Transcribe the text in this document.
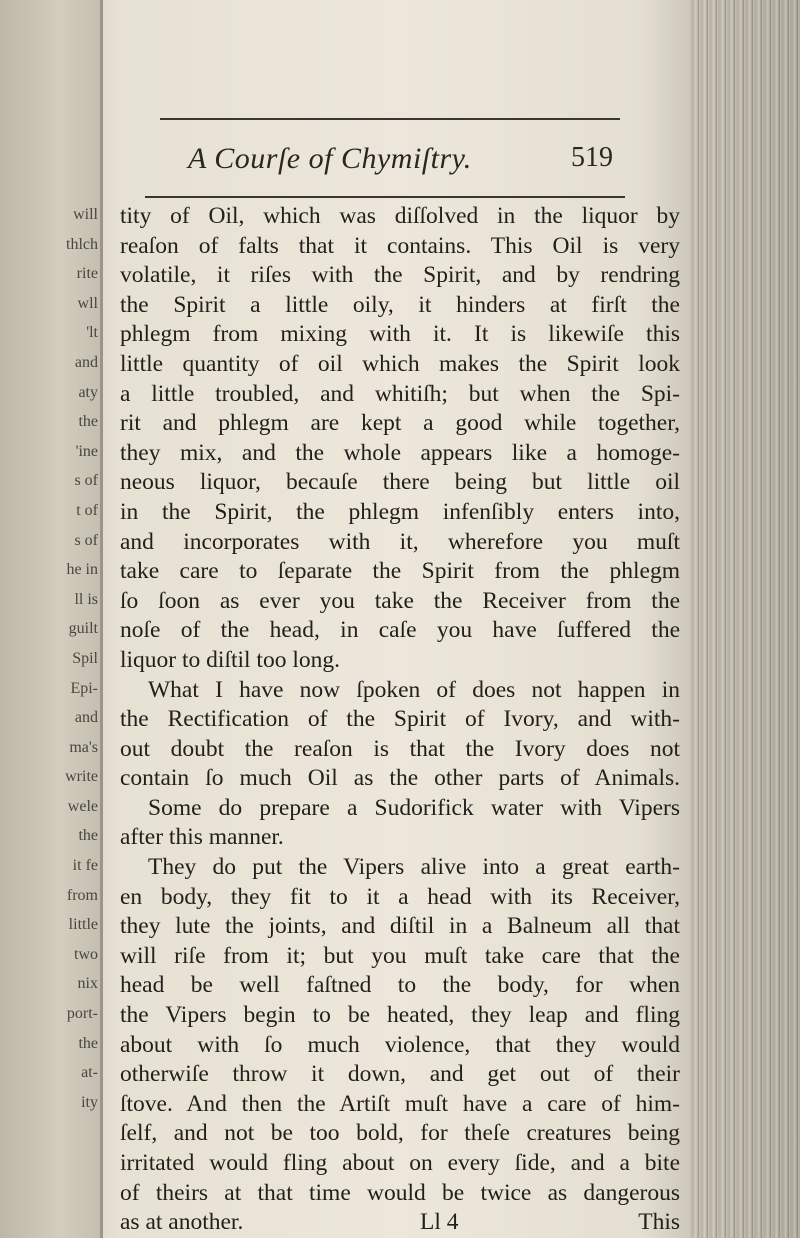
A Courſe of Chymiſtry.	519
will
thlch
rite
wll
'lt
and
aty
the
'ine
s of
t of
s of
he in
ll is
guilt
Spil
Epi-
and
ma's
write
wele
the
it fe
from
little
two
nix
port-
the
at-
ity
tity of Oil, which was diſſolved in the liquor by
reaſon of falts that it contains. This Oil is very
volatile, it riſes with the Spirit, and by rendring
the Spirit a little oily, it hinders at firſt the
phlegm from mixing with it. It is likewiſe this
little quantity of oil which makes the Spirit look
a little troubled, and whitiſh; but when the Spi-
rit and phlegm are kept a good while together,
they mix, and the whole appears like a homoge-
neous liquor, becauſe there being but little oil
in the Spirit, the phlegm infenſibly enters into,
and incorporates with it, wherefore you muſt
take care to ſeparate the Spirit from the phlegm
ſo ſoon as ever you take the Receiver from the
noſe of the head, in caſe you have ſuffered the
liquor to diſtil too long.
What I have now ſpoken of does not happen in
the Rectification of the Spirit of Ivory, and with-
out doubt the reaſon is that the Ivory does not
contain ſo much Oil as the other parts of Animals.
Some do prepare a Sudorifick water with Vipers
after this manner.
They do put the Vipers alive into a great earth-
en body, they fit to it a head with its Receiver,
they lute the joints, and diſtil in a Balneum all that
will riſe from it; but you muſt take care that the
head be well faſtned to the body, for when
the Vipers begin to be heated, they leap and fling
about with ſo much violence, that they would
otherwiſe throw it down, and get out of their
ſtove. And then the Artiſt muſt have a care of him-
ſelf, and not be too bold, for theſe creatures being
irritated would fling about on every ſide, and a bite
of theirs at that time would be twice as dangerous
as at another.	Ll 4	This
